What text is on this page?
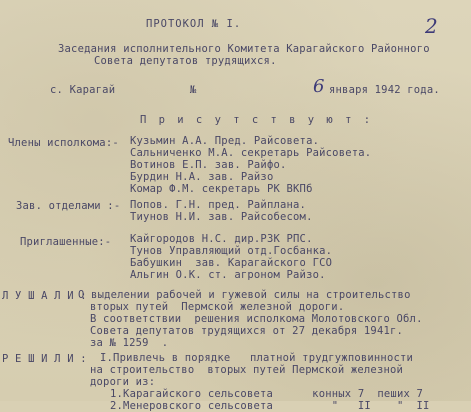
ПРОТОКОЛ № I.	2
Заседания исполнительного Комитета Карагайского Районного
Совета депутатов трудящихся.
с. Карагай	№	6 января 1942 года.
П р и с у т с т в у ю т :
Члены исполкома:- Кузьмин А.А. Пред. Райсовета.
Сальниченко М.А. секретарь Райсовета.
Вотинов Е.П. зав. Райфо.
Бурдин Н.А. зав. Райзо
Комар Ф.М. секретарь РК ВКПб
Зав. отделами :- Попов. Г.Н. пред. Райплана.
Тиунов Н.И. зав. Райсобесом.
Приглашенные:- Кайгородов Н.С. дир.РЗК РПС.
Тунов Управляющий отд.Госбанка.
Бабушкин  зав. Карагайского ГСО
Альгин О.К. ст. агроном Райзо.
Л У Ш А Л И :
О выделении рабочей и гужевой силы на строительство
вторых путей  Пермской железной дороги.
В соответствии  решения исполкома Молотовского Обл.
Совета депутатов трудящихся от 27 декабря 1941г.
за № 1259  .
Р Е Ш И Л И : I.Привлечь в порядке   платной трудгужповинности
на строительство  вторых путей Пермской железной
дороги из:
1.Карагайского сельсовета      конных 7  пеших 7
2.Менеровского сельсовета         "   II    "  II
